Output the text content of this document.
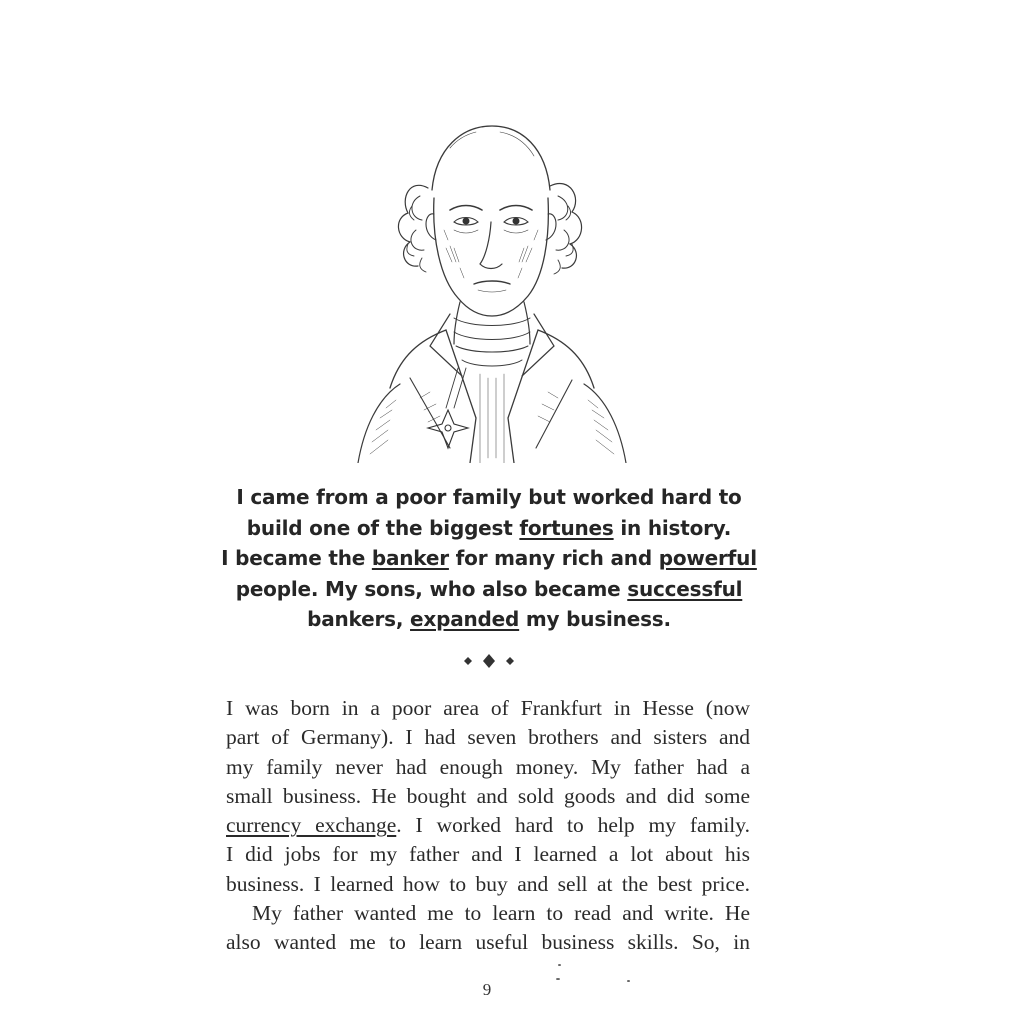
I came from a poor family but worked hard to
build one of the biggest fortunes in history.
I became the banker for many rich and powerful
people. My sons, who also became successful
bankers, expanded my business.

I was born in a poor area of Frankfurt in Hesse (now
part of Germany). I had seven brothers and sisters and
my family never had enough money. My father had a
small business. He bought and sold goods and did some
currency exchange. I worked hard to help my family.
I did jobs for my father and I learned a lot about his
business. I learned how to buy and sell at the best price.

My father wanted me to learn to read and write. He
also wanted me to learn useful business skills. So, in

9
